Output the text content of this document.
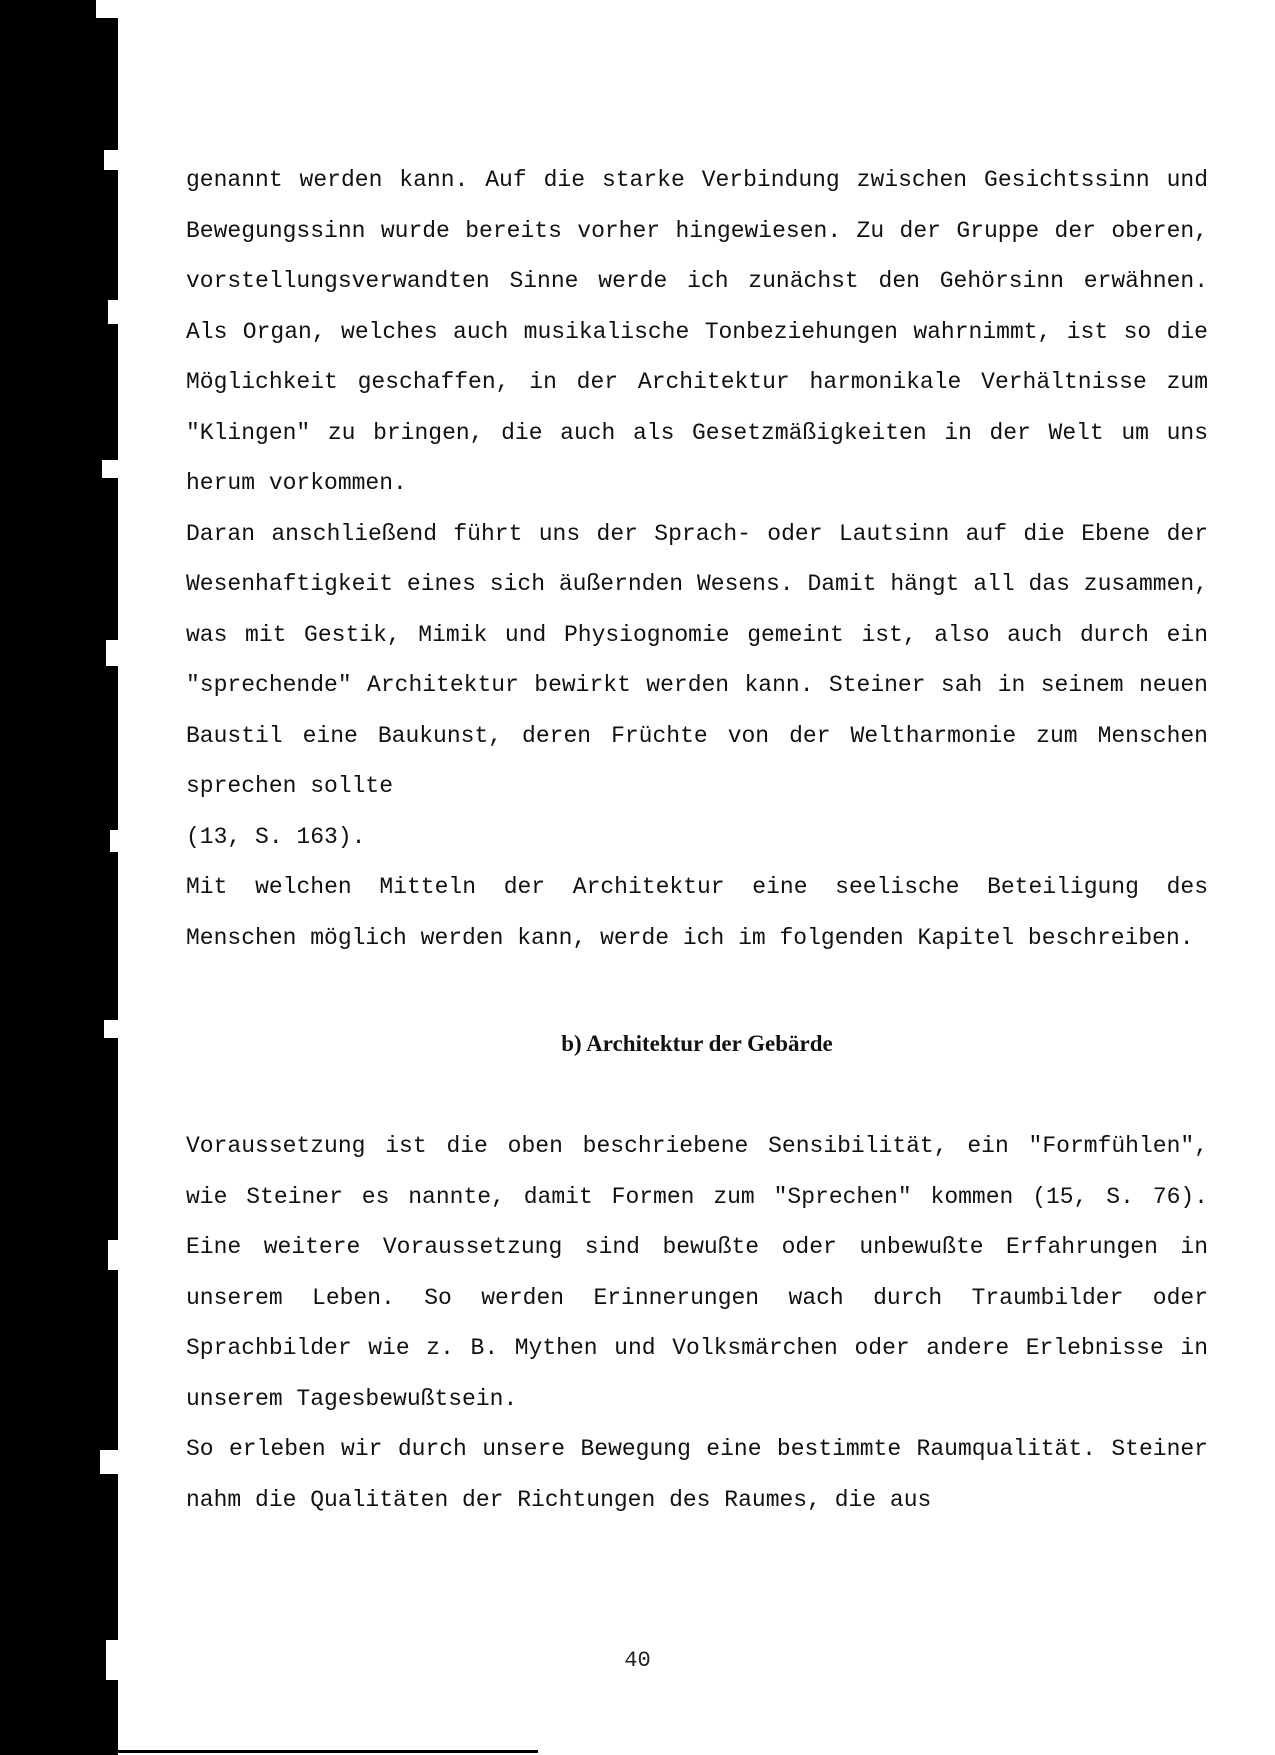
genannt werden kann. Auf die starke Verbindung zwischen Gesichtssinn und Bewegungssinn wurde bereits vorher hingewiesen. Zu der Gruppe der oberen, vorstellungsverwandten Sinne werde ich zunächst den Gehörsinn erwähnen. Als Organ, welches auch musikalische Tonbeziehungen wahrnimmt, ist so die Möglichkeit geschaffen, in der Architektur harmonikale Verhältnisse zum "Klingen" zu bringen, die auch als Gesetzmäßigkeiten in der Welt um uns herum vorkommen.

Daran anschließend führt uns der Sprach- oder Lautsinn auf die Ebene der Wesenhaftigkeit eines sich äußernden Wesens. Damit hängt all das zusammen, was mit Gestik, Mimik und Physiognomie gemeint ist, also auch durch ein "sprechende" Architektur bewirkt werden kann. Steiner sah in seinem neuen Baustil eine Baukunst, deren Früchte von der Weltharmonie zum Menschen sprechen sollte

(13, S. 163).

Mit welchen Mitteln der Architektur eine seelische Beteiligung des Menschen möglich werden kann, werde ich im folgenden Kapitel beschreiben.

b) Architektur der Gebärde

Voraussetzung ist die oben beschriebene Sensibilität, ein "Formfühlen", wie Steiner es nannte, damit Formen zum "Sprechen" kommen (15, S. 76). Eine weitere Voraussetzung sind bewußte oder unbewußte Erfahrungen in unserem Leben. So werden Erinnerungen wach durch Traumbilder oder Sprachbilder wie z. B. Mythen und Volksmärchen oder andere Erlebnisse in unserem Tagesbewußtsein.

So erleben wir durch unsere Bewegung eine bestimmte Raumqualität. Steiner nahm die Qualitäten der Richtungen des Raumes, die aus

40
